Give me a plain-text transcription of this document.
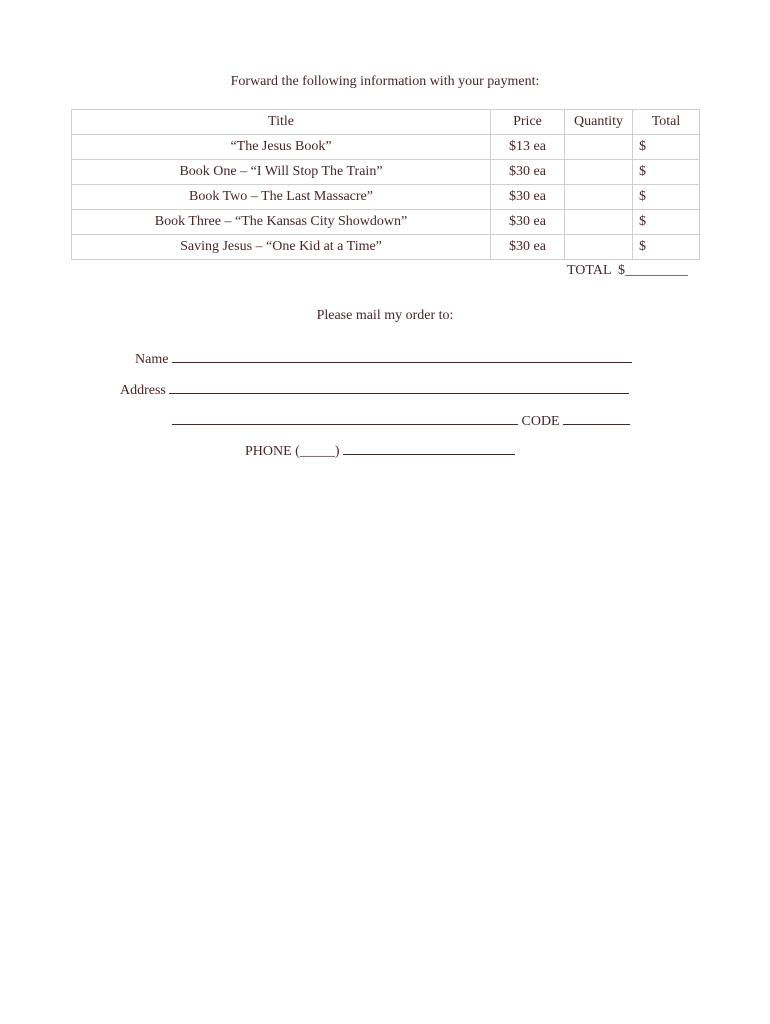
Forward the following information with your payment:
Title	Price	Quantity	Total
“The Jesus Book”	$13 ea		$
Book One – “I Will Stop The Train”	$30 ea		$
Book Two – The Last Massacre”	$30 ea		$
Book Three – “The Kansas City Showdown”	$30 ea		$
Saving Jesus – “One Kid at a Time”	$30 ea		$
TOTAL  $_________
Please mail my order to:
Name
Address
CODE
PHONE (_____)
